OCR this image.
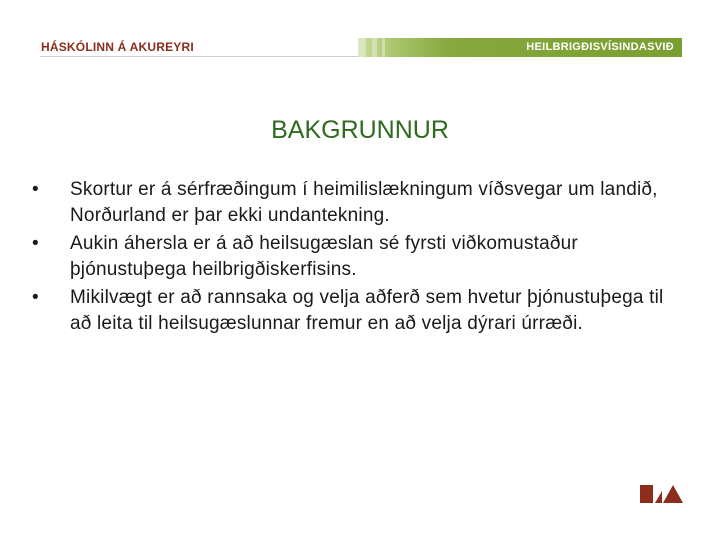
HÁSKÓLINN Á AKUREYRI	HEILBRIGÐISVÍSINDASVIÐ
BAKGRUNNUR
• Skortur er á sérfræðingum í heimilislækningum víðsvegar um landið, Norðurland er þar ekki undantekning.
• Aukin áhersla er á að heilsugæslan sé fyrsti viðkomustaður þjónustuþega heilbrigðiskerfisins.
• Mikilvægt er að rannsaka og velja aðferð sem hvetur þjónustuþega til að leita til heilsugæslunnar fremur en að velja dýrari úrræði.
